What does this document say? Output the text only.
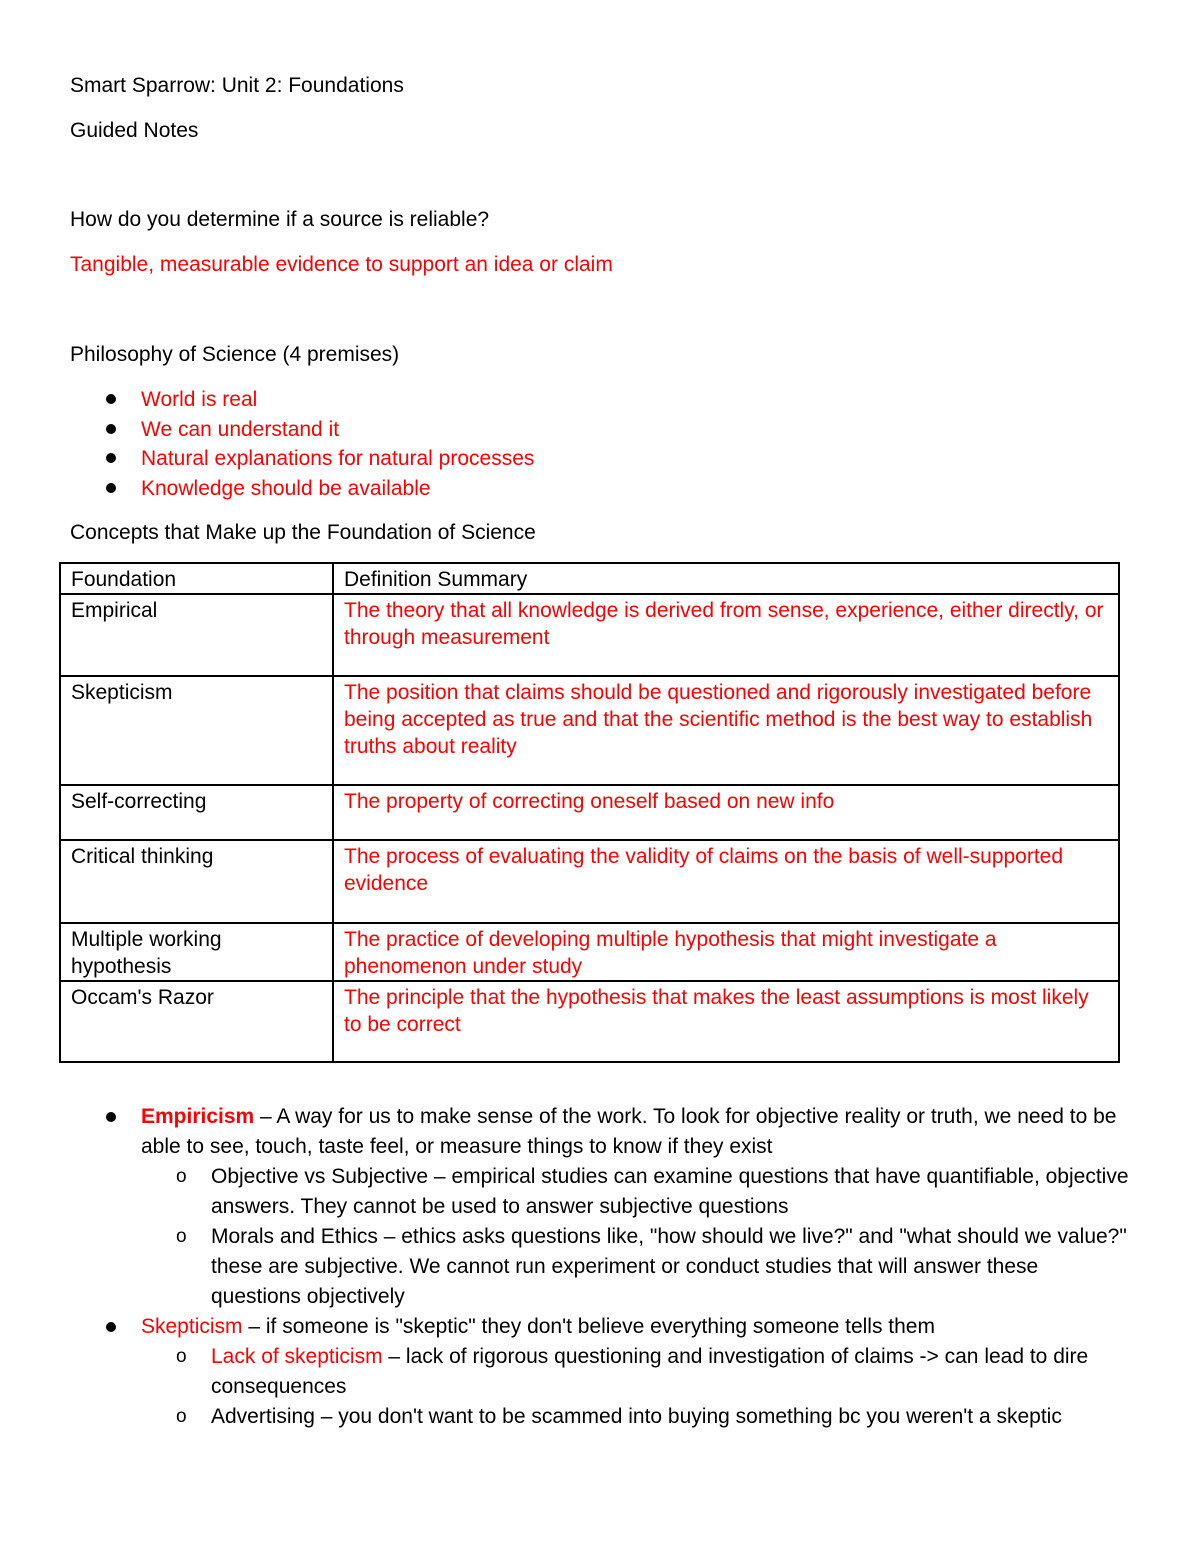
Smart Sparrow: Unit 2: Foundations
Guided Notes
How do you determine if a source is reliable?
Tangible, measurable evidence to support an idea or claim
Philosophy of Science (4 premises)
World is real
We can understand it
Natural explanations for natural processes
Knowledge should be available
Concepts that Make up the Foundation of Science
Foundation	Definition Summary
Empirical	The theory that all knowledge is derived from sense, experience, either directly, or through measurement
Skepticism	The position that claims should be questioned and rigorously investigated before being accepted as true and that the scientific method is the best way to establish truths about reality
Self-correcting	The property of correcting oneself based on new info
Critical thinking	The process of evaluating the validity of claims on the basis of well-supported evidence
Multiple working hypothesis	The practice of developing multiple hypothesis that might investigate a phenomenon under study
Occam's Razor	The principle that the hypothesis that makes the least assumptions is most likely to be correct
Empiricism – A way for us to make sense of the work. To look for objective reality or truth, we need to be able to see, touch, taste feel, or measure things to know if they exist
o Objective vs Subjective – empirical studies can examine questions that have quantifiable, objective answers. They cannot be used to answer subjective questions
o Morals and Ethics – ethics asks questions like, "how should we live?" and "what should we value?" these are subjective. We cannot run experiment or conduct studies that will answer these questions objectively
Skepticism – if someone is "skeptic" they don't believe everything someone tells them
o Lack of skepticism – lack of rigorous questioning and investigation of claims -> can lead to dire consequences
o Advertising – you don't want to be scammed into buying something bc you weren't a skeptic
